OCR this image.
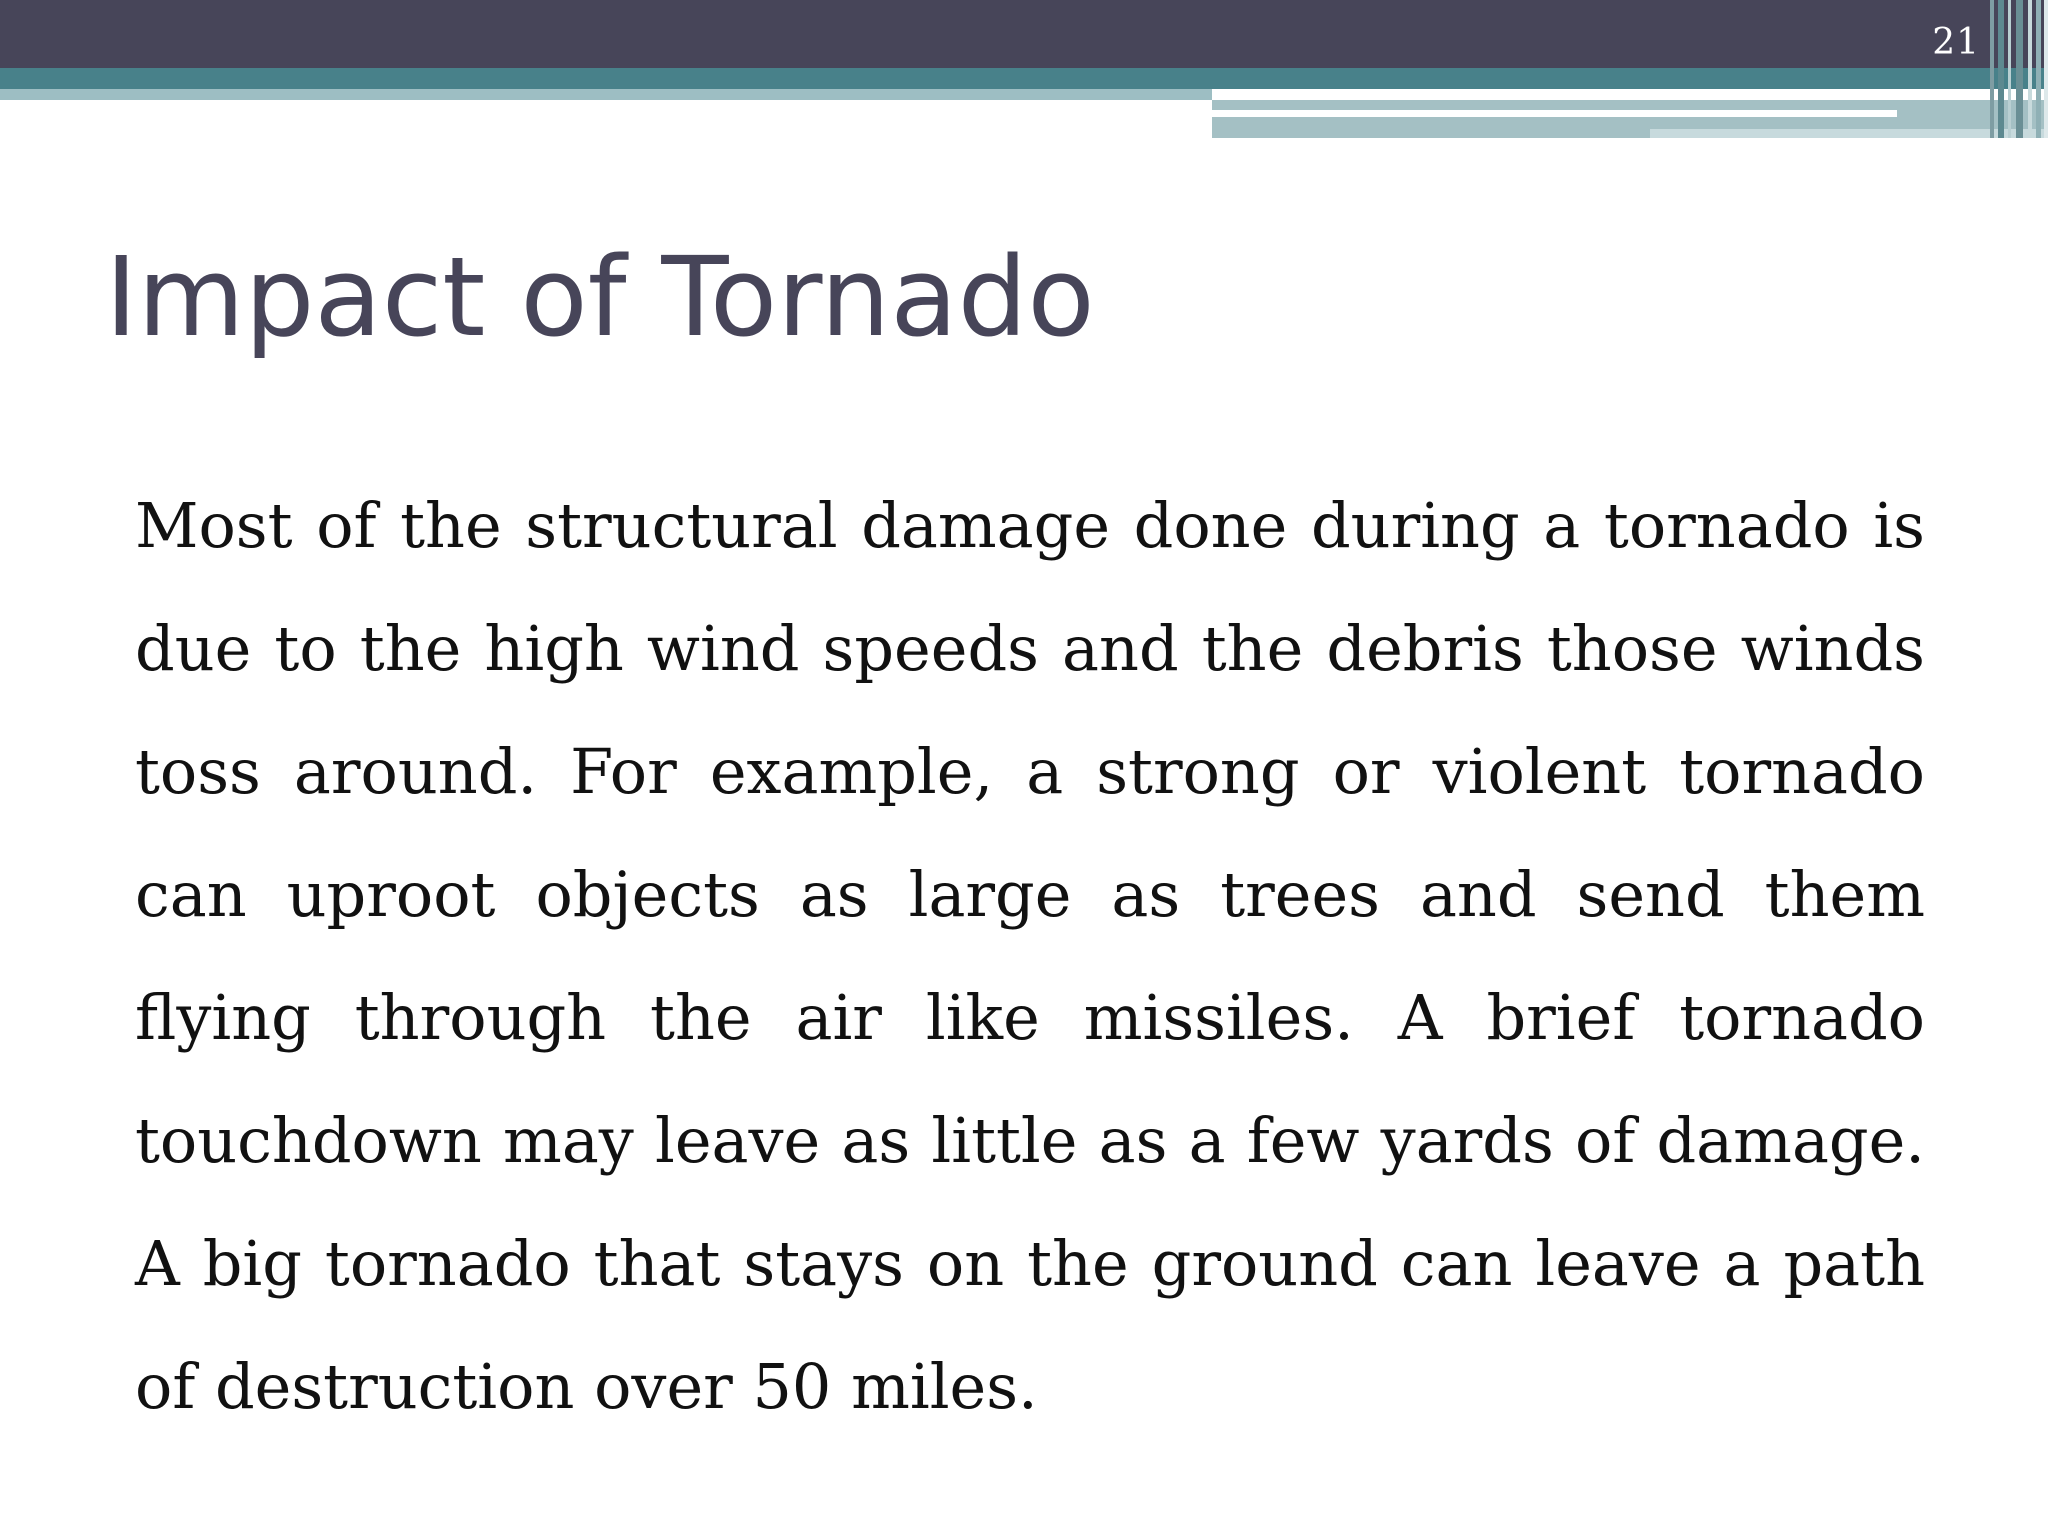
21
Impact of Tornado

Most of the structural damage done during a tornado is due to the high wind speeds and the debris those winds toss around. For example, a strong or violent tornado can uproot objects as large as trees and send them flying through the air like missiles. A brief tornado touchdown may leave as little as a few yards of damage. A big tornado that stays on the ground can leave a path of destruction over 50 miles.
